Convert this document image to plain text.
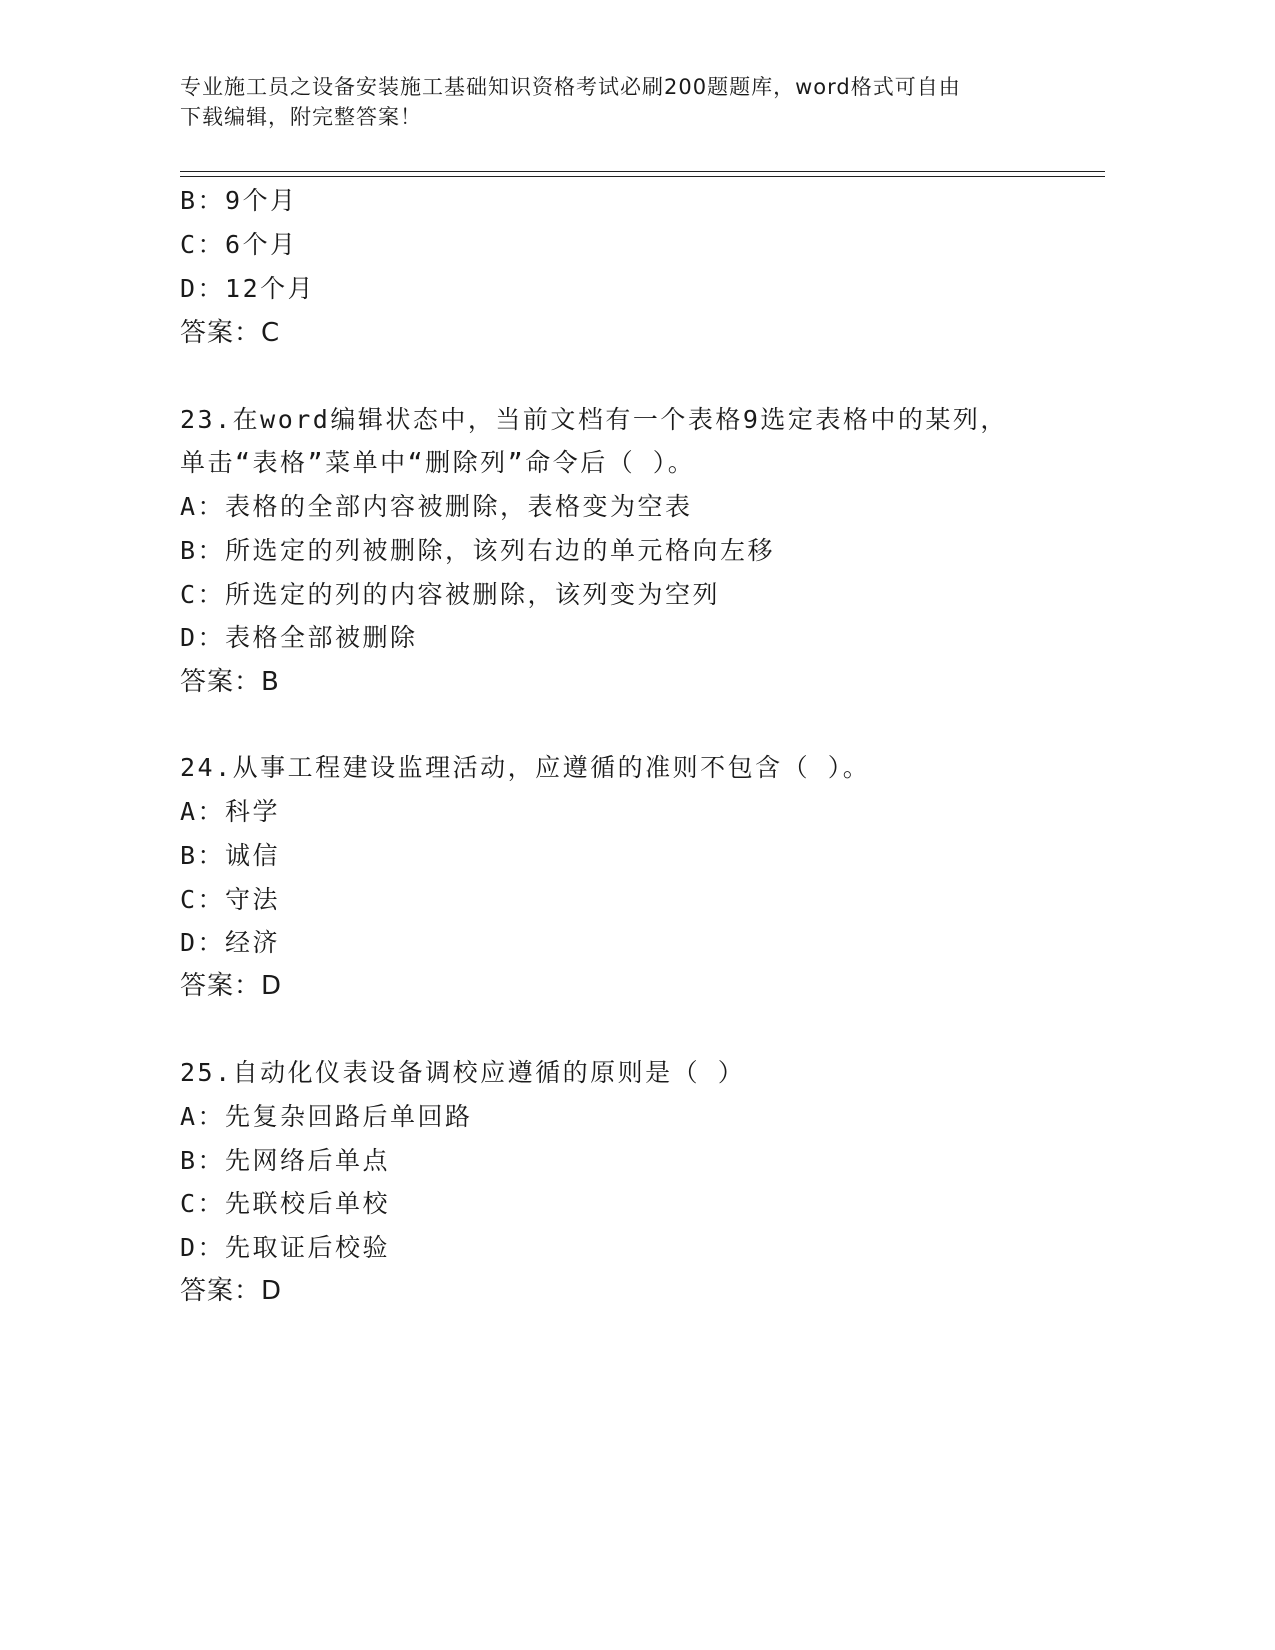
专业施工员之设备安装施工基础知识资格考试必刷200题题库，word格式可自由
下载编辑，附完整答案！
B：9个月
C：6个月
D：12个月
答案：C
23.在word编辑状态中，当前文档有一个表格9选定表格中的某列，
单击“表格”菜单中“删除列”命令后（ ）。
A：表格的全部内容被删除，表格变为空表
B：所选定的列被删除，该列右边的单元格向左移
C：所选定的列的内容被删除，该列变为空列
D：表格全部被删除
答案：B
24.从事工程建设监理活动，应遵循的准则不包含（ ）。
A：科学
B：诚信
C：守法
D：经济
答案：D
25.自动化仪表设备调校应遵循的原则是（ ）
A：先复杂回路后单回路
B：先网络后单点
C：先联校后单校
D：先取证后校验
答案：D
